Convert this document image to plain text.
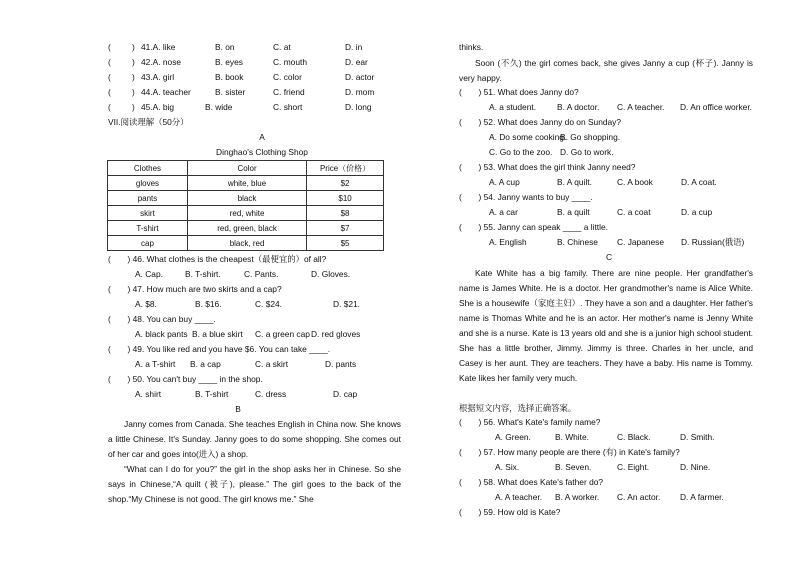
(	) 41.A. like	B. on	C. at	D. in
(	) 42.A. nose	B. eyes	C. mouth	D. ear
(	) 43.A. girl	B. book	C. color	D. actor
(	) 44.A. teacher	B. sister	C. friend	D. mom
(	) 45.A. big	B. wide	C. short	D. long
VII.阅读理解（50分）
A
Dinghao's Clothing Shop
Clothes	Color	Price（价格）
gloves	white, blue	$2
pants	black	$10
skirt	red, white	$8
T-shirt	red, green, black	$7
cap	black, red	$5
(　　) 46. What clothes is the cheapest（最便宜的）of all?
A. Cap.	B. T-shirt.	C. Pants.	D. Gloves.
(　　) 47. How much are two skirts and a cap?
A. $8.	B. $16.	C. $24.	D. $21.
(　　) 48. You can buy ____.
A. black pants B. a blue skirt C. a green cap D. red gloves
(　　) 49. You like red and you have $6. You can take ____.
A. a T-shirt B. a cap	C. a skirt	D. pants
(　　) 50. You can't buy ____ in the shop.
A. shirt	B. T-shirt	C. dress	D. cap
B
Janny comes from Canada. She teaches English in China now. She knows a little Chinese. It's Sunday. Janny goes to do some shopping. She comes out of her car and goes into(进入) a shop.
“What can I do for you?” the girl in the shop asks her in Chinese. So she says in Chinese,“A quilt (被子), please.” The girl goes to the back of the shop.“My Chinese is not good. The girl knows me.” She
thinks.
Soon (不久) the girl comes back, she gives Janny a cup (杯子). Janny is very happy.
(　　) 51. What does Janny do?
A. a student. B. A doctor. C. A teacher. D. An office worker.
(　　) 52. What does Janny do on Sunday?
A. Do some cooking.
B. Go shopping.
C. Go to the zoo. D. Go to work.
(　　) 53. What does the girl think Janny need?
A. A cup	B. A quilt.	C. A book	D. A coat.
(　　) 54. Janny wants to buy ____.
A. a car	B. a quilt	C. a coat	D. a cup
(　　) 55. Janny can speak ____ a little.
A. English	B. Chinese C. Japanese D. Russian(俄语)
C
Kate White has a big family. There are nine people. Her grandfather's name is James White. He is a doctor. Her grandmother's name is Alice White. She is a housewife（家庭主妇）. They have a son and a daughter. Her father's name is Thomas White and he is an actor. Her mother's name is Jenny White and she is a nurse. Kate is 13 years old and she is a junior high school student. She has a little brother, Jimmy. Jimmy is three. Charles in her uncle, and Casey is her aunt. They are teachers. They have a baby. His name is Tommy. Kate likes her family very much.
根据短文内容，选择正确答案。
(　　) 56. What's Kate's family name?
A. Green.	B. White.	C. Black.	D. Smith.
(　　) 57. How many people are there (有) in Kate's family?
A. Six.	B. Seven.	C. Eight.	D. Nine.
(　　) 58. What does Kate's father do?
A. A teacher. B. A worker. C. An actor. D. A farmer.
(　　) 59. How old is Kate?
